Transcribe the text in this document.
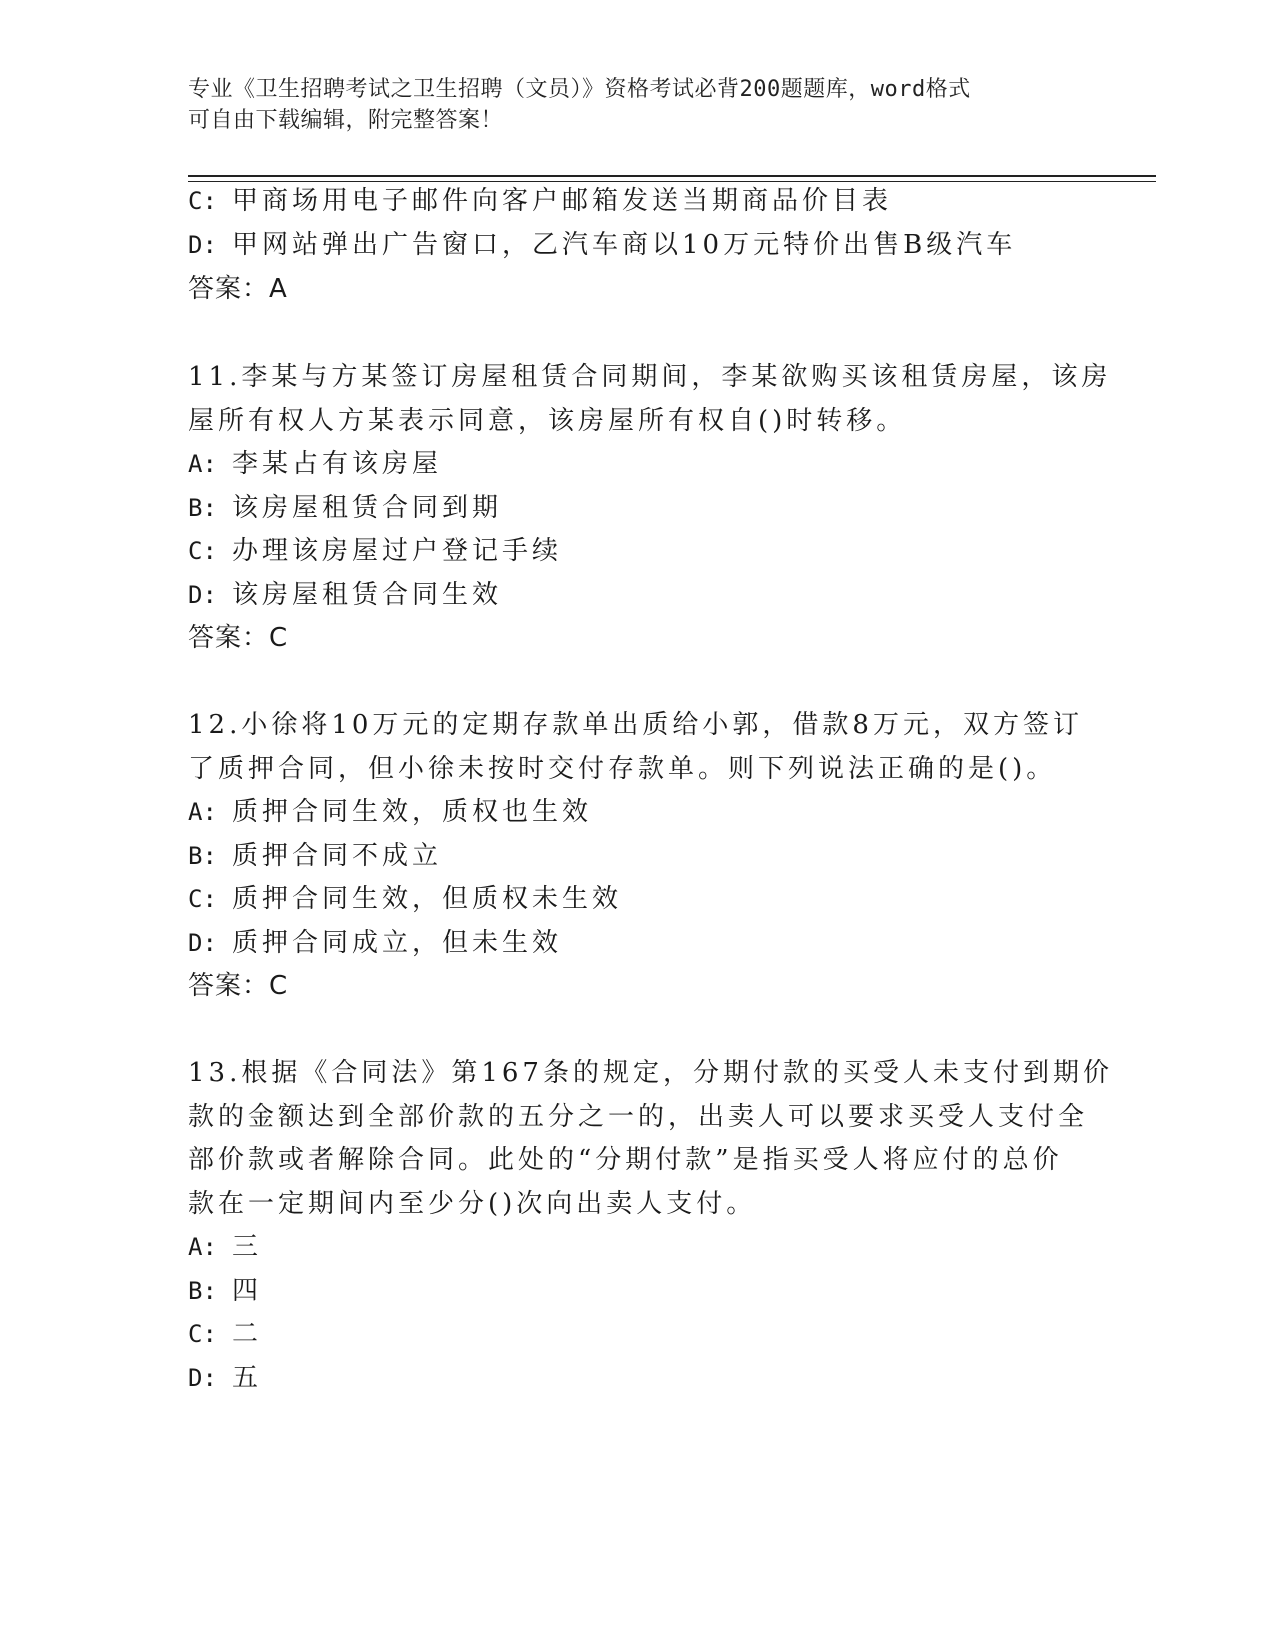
专业《卫生招聘考试之卫生招聘（文员）》资格考试必背200题题库，word格式
可自由下载编辑，附完整答案！
C: 甲商场用电子邮件向客户邮箱发送当期商品价目表
D: 甲网站弹出广告窗口，乙汽车商以10万元特价出售B级汽车
答案：A
11.李某与方某签订房屋租赁合同期间，李某欲购买该租赁房屋，该房
屋所有权人方某表示同意，该房屋所有权自()时转移。
A: 李某占有该房屋
B: 该房屋租赁合同到期
C: 办理该房屋过户登记手续
D: 该房屋租赁合同生效
答案：C
12.小徐将10万元的定期存款单出质给小郭，借款8万元，双方签订
了质押合同，但小徐未按时交付存款单。则下列说法正确的是()。
A: 质押合同生效，质权也生效
B: 质押合同不成立
C: 质押合同生效，但质权未生效
D: 质押合同成立，但未生效
答案：C
13.根据《合同法》第167条的规定，分期付款的买受人未支付到期价
款的金额达到全部价款的五分之一的，出卖人可以要求买受人支付全
部价款或者解除合同。此处的“分期付款”是指买受人将应付的总价
款在一定期间内至少分()次向出卖人支付。
A: 三
B: 四
C: 二
D: 五
